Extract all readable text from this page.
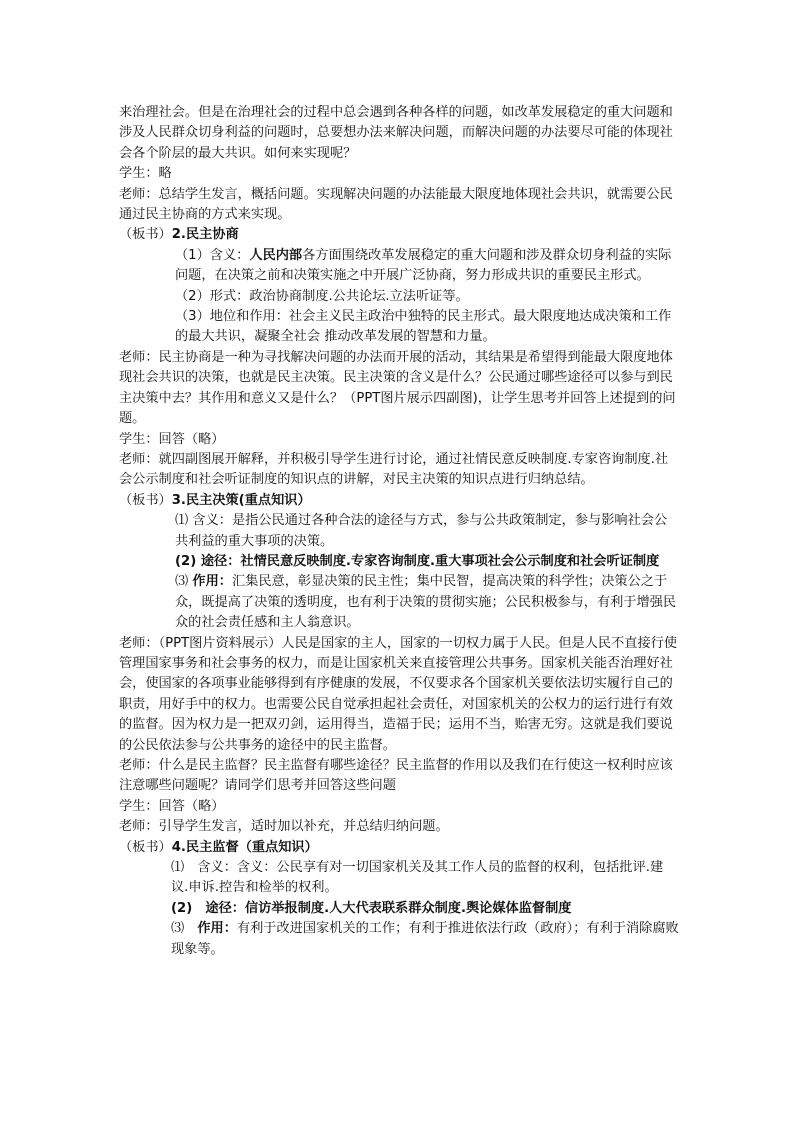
来治理社会。但是在治理社会的过程中总会遇到各种各样的问题，如改革发展稳定的重大问题和涉及人民群众切身利益的问题时，总要想办法来解决问题，而解决问题的办法要尽可能的体现社会各个阶层的最大共识。如何来实现呢？

学生：略

老师：总结学生发言，概括问题。实现解决问题的办法能最大限度地体现社会共识，就需要公民通过民主协商的方式来实现。

（板书）2.民主协商

（1）含义：人民内部各方面围绕改革发展稳定的重大问题和涉及群众切身利益的实际问题，在决策之前和决策实施之中开展广泛协商，努力形成共识的重要民主形式。

（2）形式：政治协商制度.公共论坛.立法听证等。

（3）地位和作用：社会主义民主政治中独特的民主形式。最大限度地达成决策和工作的最大共识，凝聚全社会 推动改革发展的智慧和力量。

老师：民主协商是一种为寻找解决问题的办法而开展的活动，其结果是希望得到能最大限度地体现社会共识的决策，也就是民主决策。民主决策的含义是什么？公民通过哪些途径可以参与到民主决策中去？其作用和意义又是什么？（PPT图片展示四副图)，让学生思考并回答上述提到的问题。

学生：回答（略）

老师：就四副图展开解释，并积极引导学生进行讨论，通过社情民意反映制度.专家咨询制度.社会公示制度和社会听证制度的知识点的讲解，对民主决策的知识点进行归纳总结。

（板书）3.民主决策(重点知识）

⑴ 含义：是指公民通过各种合法的途径与方式，参与公共政策制定，参与影响社会公共利益的重大事项的决策。

(2) 途径：社情民意反映制度.专家咨询制度.重大事项社会公示制度和社会听证制度

⑶ 作用：汇集民意，彰显决策的民主性；集中民智，提高决策的科学性；决策公之于众，既提高了决策的透明度，也有利于决策的贯彻实施；公民积极参与，有利于增强民众的社会责任感和主人翁意识。

老师：（PPT图片资料展示）人民是国家的主人，国家的一切权力属于人民。但是人民不直接行使管理国家事务和社会事务的权力，而是让国家机关来直接管理公共事务。国家机关能否治理好社会，使国家的各项事业能够得到有序健康的发展，不仅要求各个国家机关要依法切实履行自己的职责，用好手中的权力。也需要公民自觉承担起社会责任，对国家机关的公权力的运行进行有效的监督。因为权力是一把双刃剑，运用得当，造福于民；运用不当，贻害无穷。这就是我们要说的公民依法参与公共事务的途径中的民主监督。

老师：什么是民主监督？民主监督有哪些途径？民主监督的作用以及我们在行使这一权利时应该注意哪些问题呢？请同学们思考并回答这些问题

学生：回答（略）

老师：引导学生发言，适时加以补充，并总结归纳问题。

（板书）4.民主监督（重点知识）

⑴　含义：含义：公民享有对一切国家机关及其工作人员的监督的权利，包括批评.建议.申诉.控告和检举的权利。

(2)　途径：信访举报制度.人大代表联系群众制度.舆论媒体监督制度

⑶　作用：有利于改进国家机关的工作；有利于推进依法行政（政府）；有利于消除腐败现象等。
